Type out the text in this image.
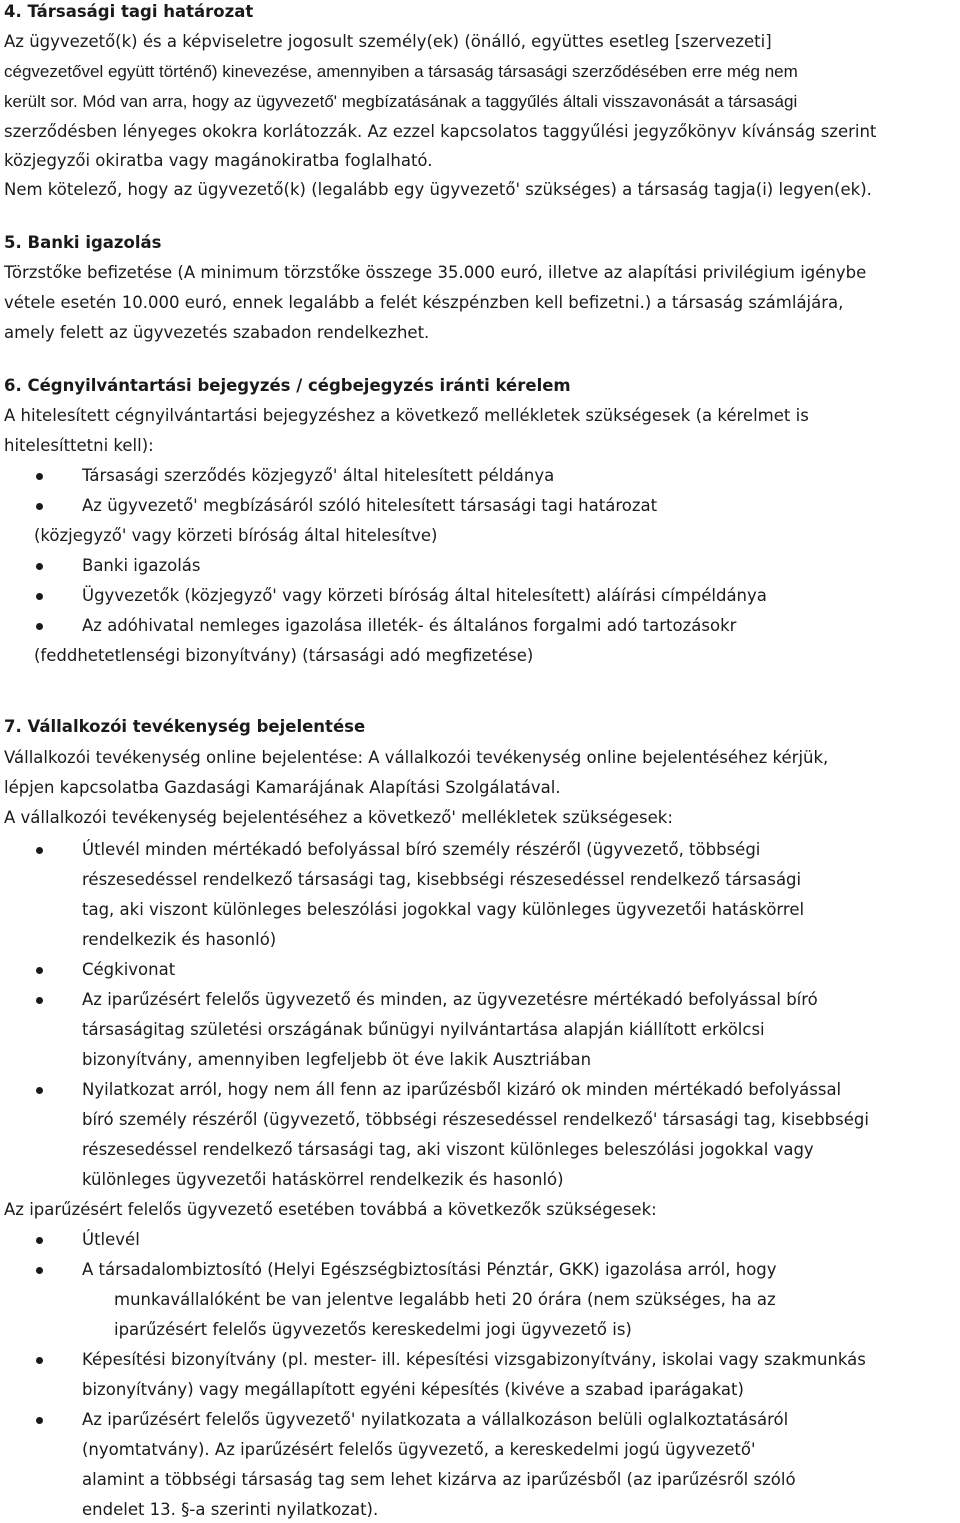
4. Társasági tagi határozat
Az ügyvezető(k) és a képviseletre jogosult személy(ek) (önálló, együttes esetleg [szervezeti]
cégvezetővel együtt történő) kinevezése, amennyiben a társaság társasági szerződésében erre még nem
került sor. Mód van arra, hogy az ügyvezető' megbízatásának a taggyűlés általi visszavonását a társasági
szerződésben lényeges okokra korlátozzák. Az ezzel kapcsolatos taggyűlési jegyzőkönyv kívánság szerint
közjegyzői okiratba vagy magánokiratba foglalható.
Nem kötelező, hogy az ügyvezető(k) (legalább egy ügyvezető' szükséges) a társaság tagja(i) legyen(ek).
5. Banki igazolás
Törzstőke befizetése (A minimum törzstőke összege 35.000 euró, illetve az alapítási privilégium igénybe
vétele esetén 10.000 euró, ennek legalább a felét készpénzben kell befizetni.) a társaság számlájára,
amely felett az ügyvezetés szabadon rendelkezhet.
6. Cégnyilvántartási bejegyzés / cégbejegyzés iránti kérelem
A hitelesített cégnyilvántartási bejegyzéshez a következő mellékletek szükségesek (a kérelmet is
hitelesíttetni kell):
Társasági szerződés közjegyző' által hitelesített példánya
Az ügyvezető' megbízásáról szóló hitelesített társasági tagi határozat
(közjegyző' vagy körzeti bíróság által hitelesítve)
Banki igazolás
Ügyvezetők (közjegyző' vagy körzeti bíróság által hitelesített) aláírási címpéldánya
Az adóhivatal nemleges igazolása illeték- és általános forgalmi adó tartozásokr
(feddhetetlenségi bizonyítvány) (társasági adó megfizetése)
7. Vállalkozói tevékenység bejelentése
Vállalkozói tevékenység online bejelentése: A vállalkozói tevékenység online bejelentéséhez kérjük,
lépjen kapcsolatba Gazdasági Kamarájának Alapítási Szolgálatával.
A vállalkozói tevékenység bejelentéséhez a következő' mellékletek szükségesek:
Útlevél minden mértékadó befolyással bíró személy részéről (ügyvezető, többségi
részesedéssel rendelkező társasági tag, kisebbségi részesedéssel rendelkező társasági
tag, aki viszont különleges beleszólási jogokkal vagy különleges ügyvezetői hatáskörrel
rendelkezik és hasonló)
Cégkivonat
Az iparűzésért felelős ügyvezető és minden, az ügyvezetésre mértékadó befolyással bíró
társaságitag születési országának bűnügyi nyilvántartása alapján kiállított erkölcsi
bizonyítvány, amennyiben legfeljebb öt éve lakik Ausztriában
Nyilatkozat arról, hogy nem áll fenn az iparűzésből kizáró ok minden mértékadó befolyással
bíró személy részéről (ügyvezető, többségi részesedéssel rendelkező' társasági tag, kisebbségi
részesedéssel rendelkező társasági tag, aki viszont különleges beleszólási jogokkal vagy
különleges ügyvezetői hatáskörrel rendelkezik és hasonló)
Az iparűzésért felelős ügyvezető esetében továbbá a következők szükségesek:
Útlevél
A társadalombiztosító (Helyi Egészségbiztosítási Pénztár, GKK) igazolása arról, hogy
munkavállalóként be van jelentve legalább heti 20 órára (nem szükséges, ha az
iparűzésért felelős ügyvezetős kereskedelmi jogi ügyvezető is)
Képesítési bizonyítvány (pl. mester- ill. képesítési vizsgabizonyítvány, iskolai vagy szakmunkás
bizonyítvány) vagy megállapított egyéni képesítés (kivéve a szabad iparágakat)
Az iparűzésért felelős ügyvezető' nyilatkozata a vállalkozáson belüli oglalkoztatásáról
(nyomtatvány). Az iparűzésért felelős ügyvezető, a kereskedelmi jogú ügyvezető'
alamint a többségi társaság tag sem lehet kizárva az iparűzésből (az iparűzésről szóló
endelet 13. §-a szerinti nyilatkozat).
